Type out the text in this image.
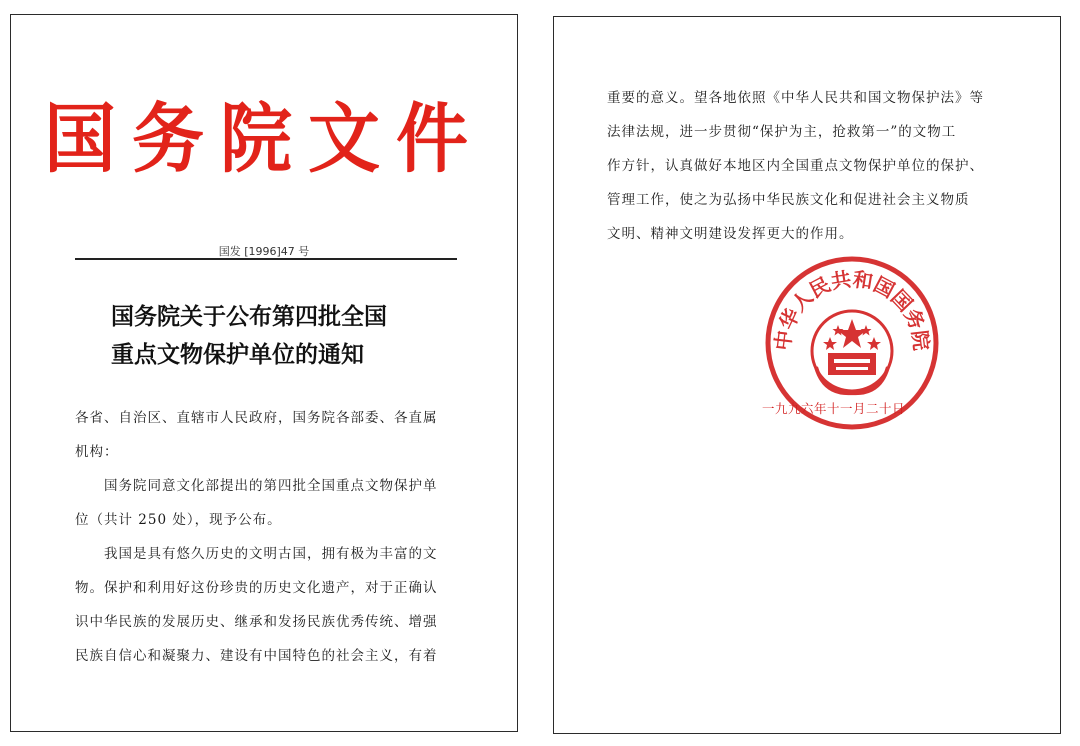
国务院文件
国发 [1996]47 号
国务院关于公布第四批全国
重点文物保护单位的通知
各省、自治区、直辖市人民政府，国务院各部委、各直属
机构：
　　国务院同意文化部提出的第四批全国重点文物保护单
位（共计 250 处），现予公布。
　　我国是具有悠久历史的文明古国，拥有极为丰富的文
物。保护和利用好这份珍贵的历史文化遗产，对于正确认
识中华民族的发展历史、继承和发扬民族优秀传统、增强
民族自信心和凝聚力、建设有中国特色的社会主义，有着
重要的意义。望各地依照《中华人民共和国文物保护法》等
法律法规，进一步贯彻“保护为主，抢救第一”的文物工
作方针，认真做好本地区内全国重点文物保护单位的保护、
管理工作，使之为弘扬中华民族文化和促进社会主义物质
文明、精神文明建设发挥更大的作用。
中华人民共和国国务院
一九九六年十一月二十日
